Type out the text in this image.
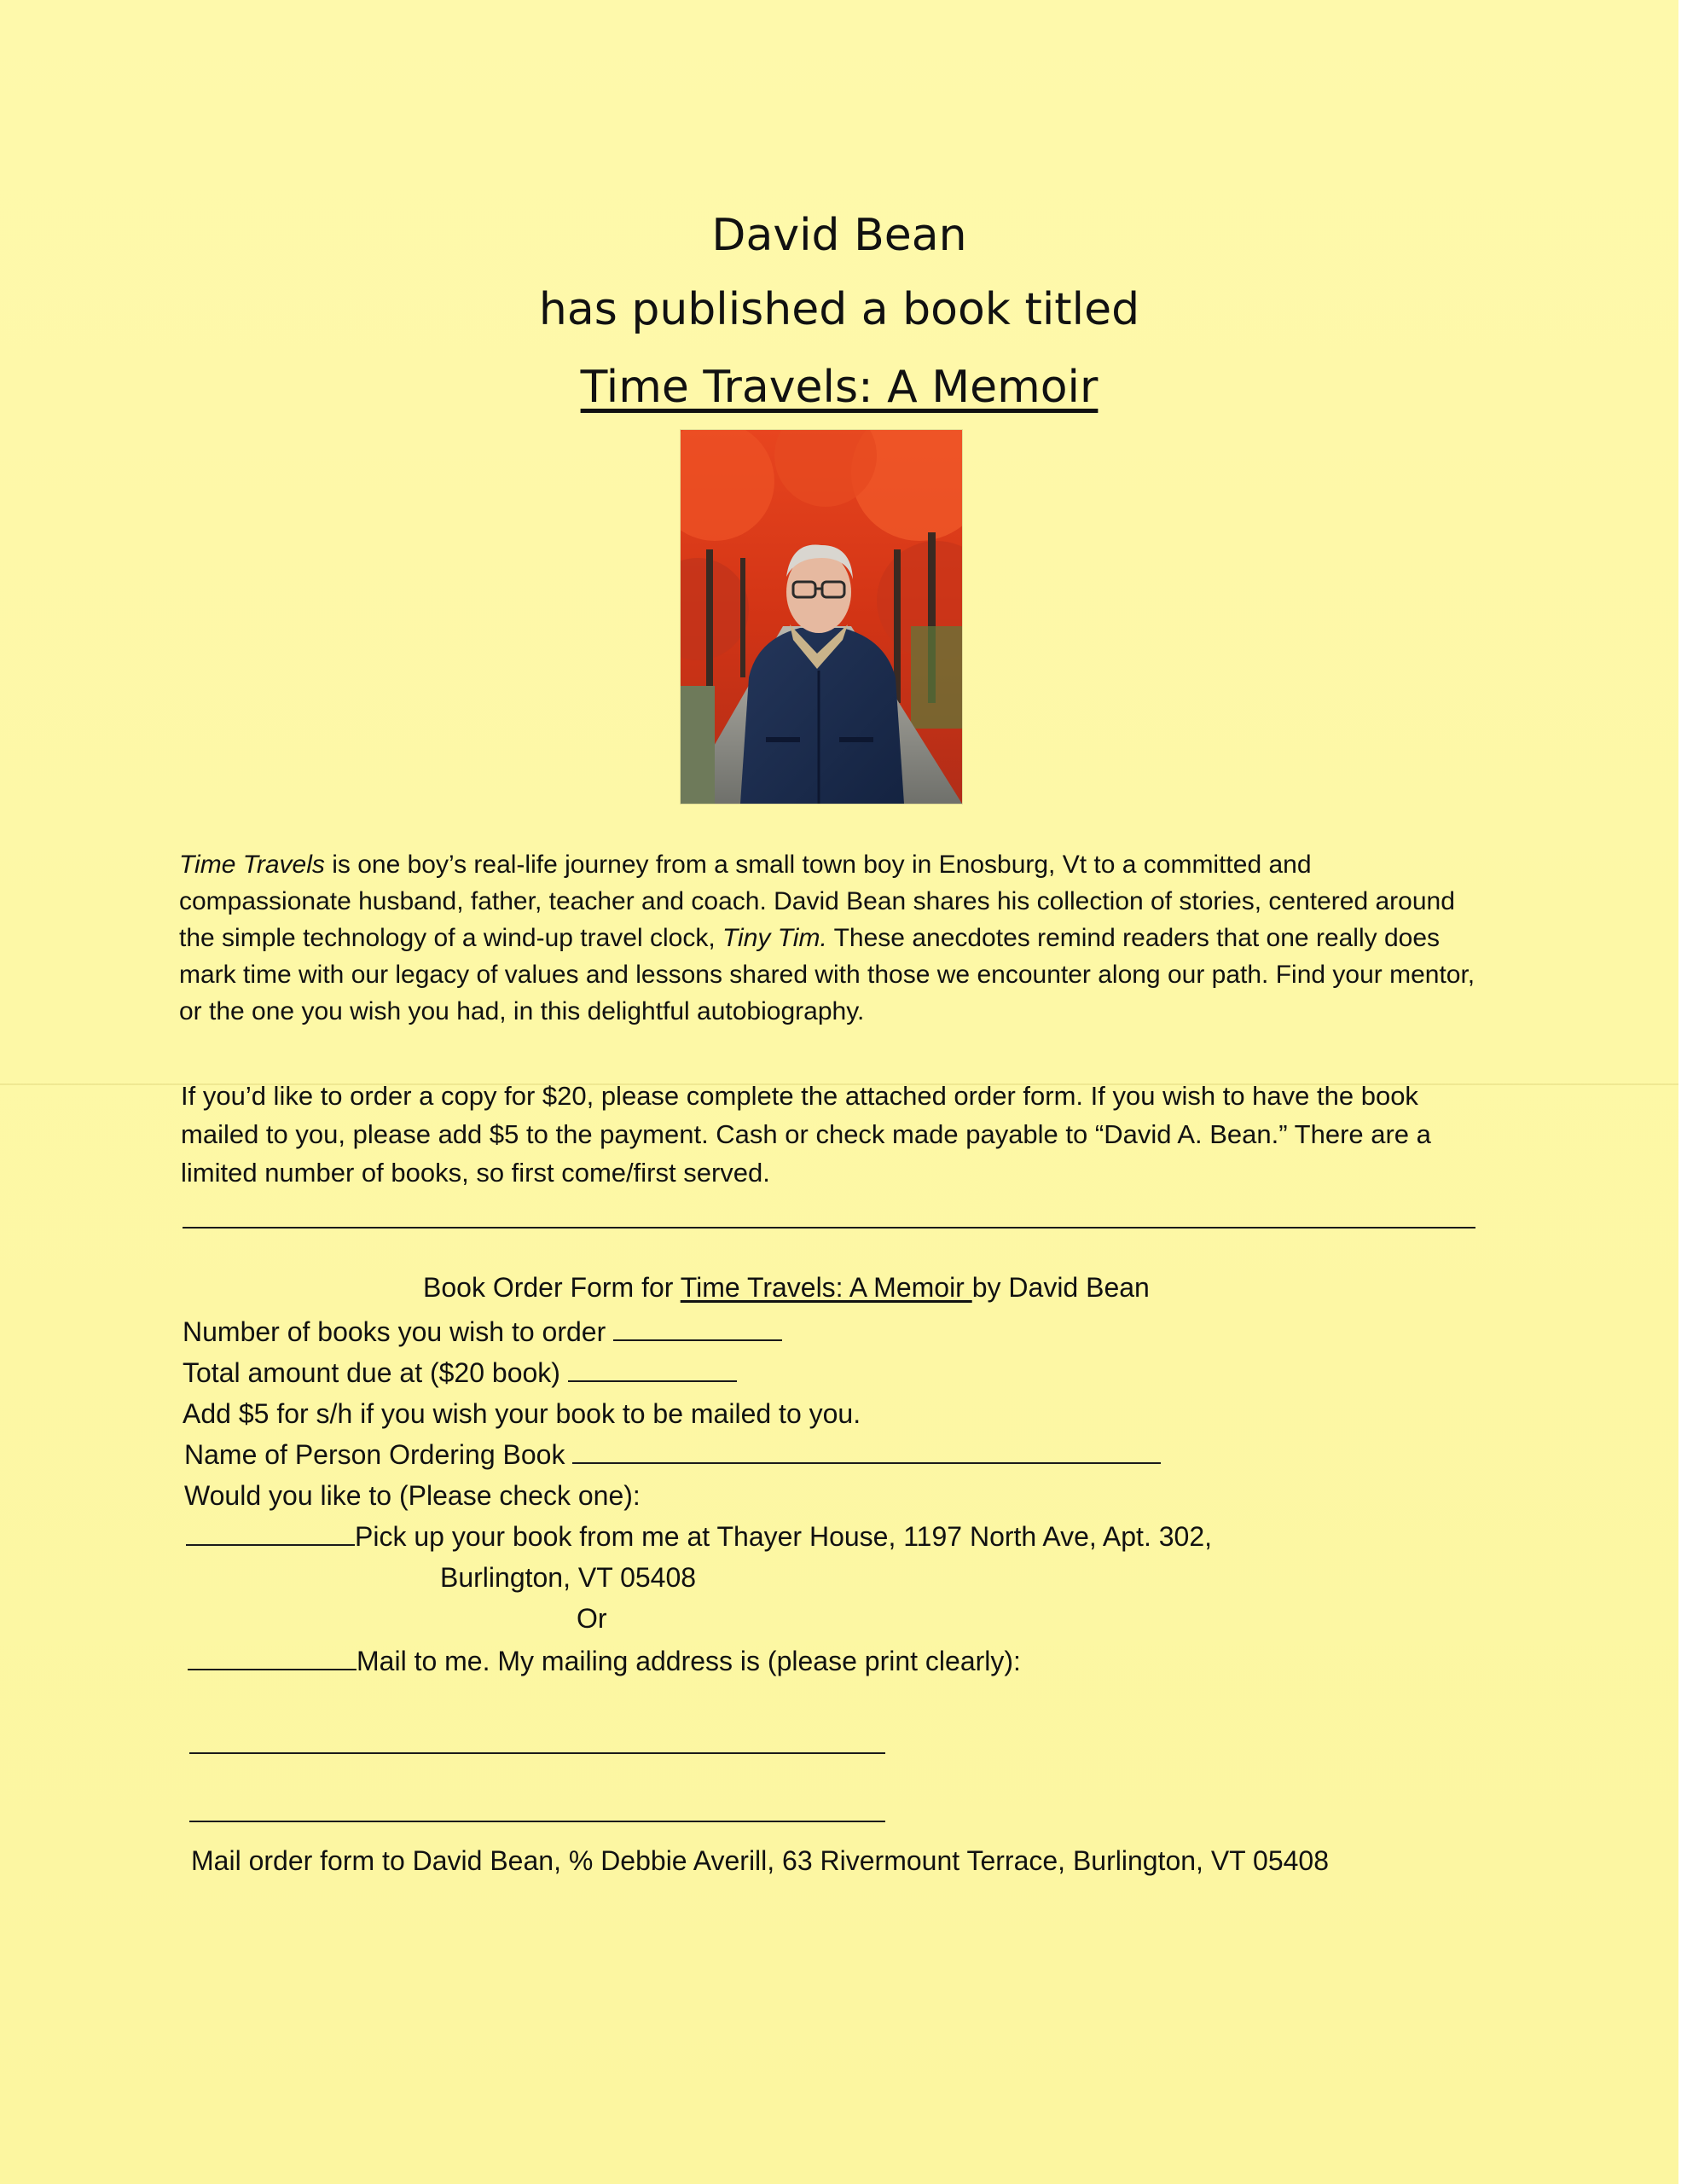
David Bean
has published a book titled
Time Travels: A Memoir

Time Travels is one boy’s real-life journey from a small town boy in Enosburg, Vt to a committed and compassionate husband, father, teacher and coach. David Bean shares his collection of stories, centered around the simple technology of a wind-up travel clock, Tiny Tim. These anecdotes remind readers that one really does mark time with our legacy of values and lessons shared with those we encounter along our path. Find your mentor, or the one you wish you had, in this delightful autobiography.

If you’d like to order a copy for $20, please complete the attached order form. If you wish to have the book mailed to you, please add $5 to the payment. Cash or check made payable to “David A. Bean.” There are a limited number of books, so first come/first served.

Book Order Form for Time Travels: A Memoir by David Bean
Number of books you wish to order
Total amount due at ($20 book)
Add $5 for s/h if you wish your book to be mailed to you.
Name of Person Ordering Book
Would you like to (Please check one):
Pick up your book from me at Thayer House, 1197 North Ave, Apt. 302,
Burlington, VT 05408
Or
Mail to me. My mailing address is (please print clearly):
Mail order form to David Bean, % Debbie Averill, 63 Rivermount Terrace, Burlington, VT 05408
